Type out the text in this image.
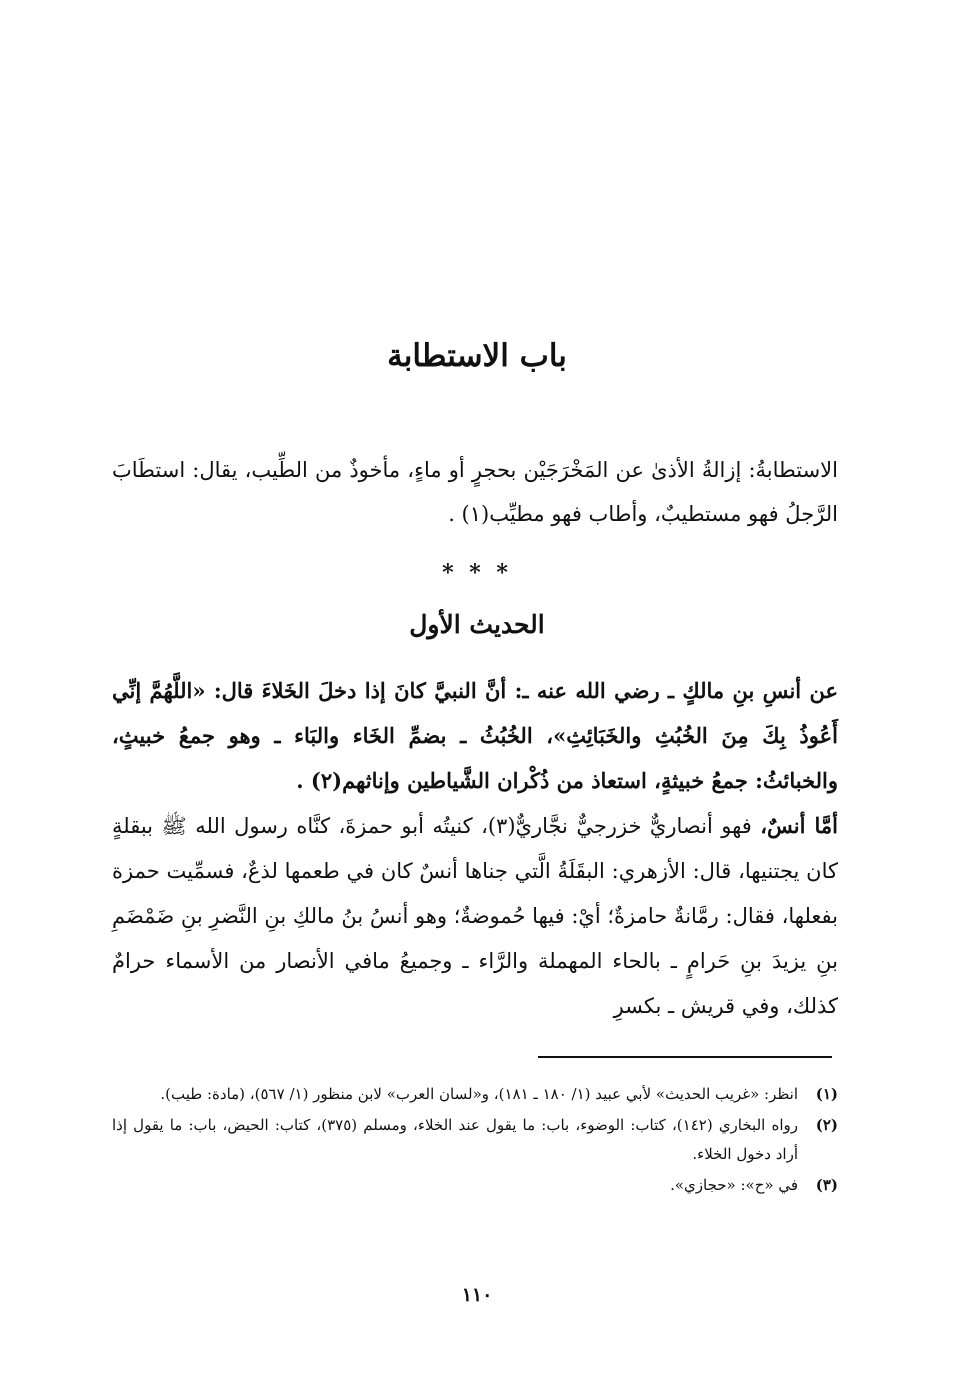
باب الاستطابة
الاستطابةُ: إزالةُ الأذىٰ عن المَخْرَجَيْن بحجرٍ أو ماءٍ، مأخوذٌ من الطِّيب، يقال: استطَابَ الرَّجلُ فهو مستطيبٌ، وأطاب فهو مطيِّب(١) .
* * *
الحديث الأول
عن أنسِ بنِ مالكٍ ـ رضي الله عنه ـ: أنَّ النبيَّ كانَ إذا دخلَ الخَلاءَ قال: «اللَّهُمَّ إنِّي أَعُوذُ بِكَ مِنَ الخُبُثِ والخَبَائِثِ»، الخُبُثُ ـ بضمِّ الخَاء والبَاء ـ وهو جمعُ خبيثٍ، والخبائثُ: جمعُ خبيثةٍ، استعاذ من ذُكْران الشَّياطين وإناثهم(٢) .
أمَّا أنسٌ، فهو أنصاريٌّ خزرجيٌّ نجَّاريٌّ(٣)، كنيتُه أبو حمزةَ، كنَّاه رسول الله ﷺ ببقلةٍ كان يجتنيها، قال: الأزهري: البقَلَةُ الَّتي جناها أنسٌ كان في طعمها لذعٌ، فسمِّيت حمزة بفعلها، فقال: رمَّانةٌ حامزةٌ؛ أيْ: فيها حُموضةٌ؛ وهو أنسُ بنُ مالكِ بنِ النَّضرِ بنِ ضَمْضَمِ بنِ يزيدَ بنِ حَرامٍ ـ بالحاء المهملة والرَّاء ـ وجميعُ مافي الأنصار من الأسماء حرامٌ كذلك، وفي قريش ـ بكسرِ
(١)
انظر: «غريب الحديث» لأبي عبيد (١/ ١٨٠ ـ ١٨١)، و«لسان العرب» لابن منظور (١/ ٥٦٧)، (مادة: طيب).
(٢)
رواه البخاري (١٤٢)، كتاب: الوضوء، باب: ما يقول عند الخلاء، ومسلم (٣٧٥)، كتاب: الحيض، باب: ما يقول إذا أراد دخول الخلاء.
(٣)
في «ح»: «حجازي».
١١٠
